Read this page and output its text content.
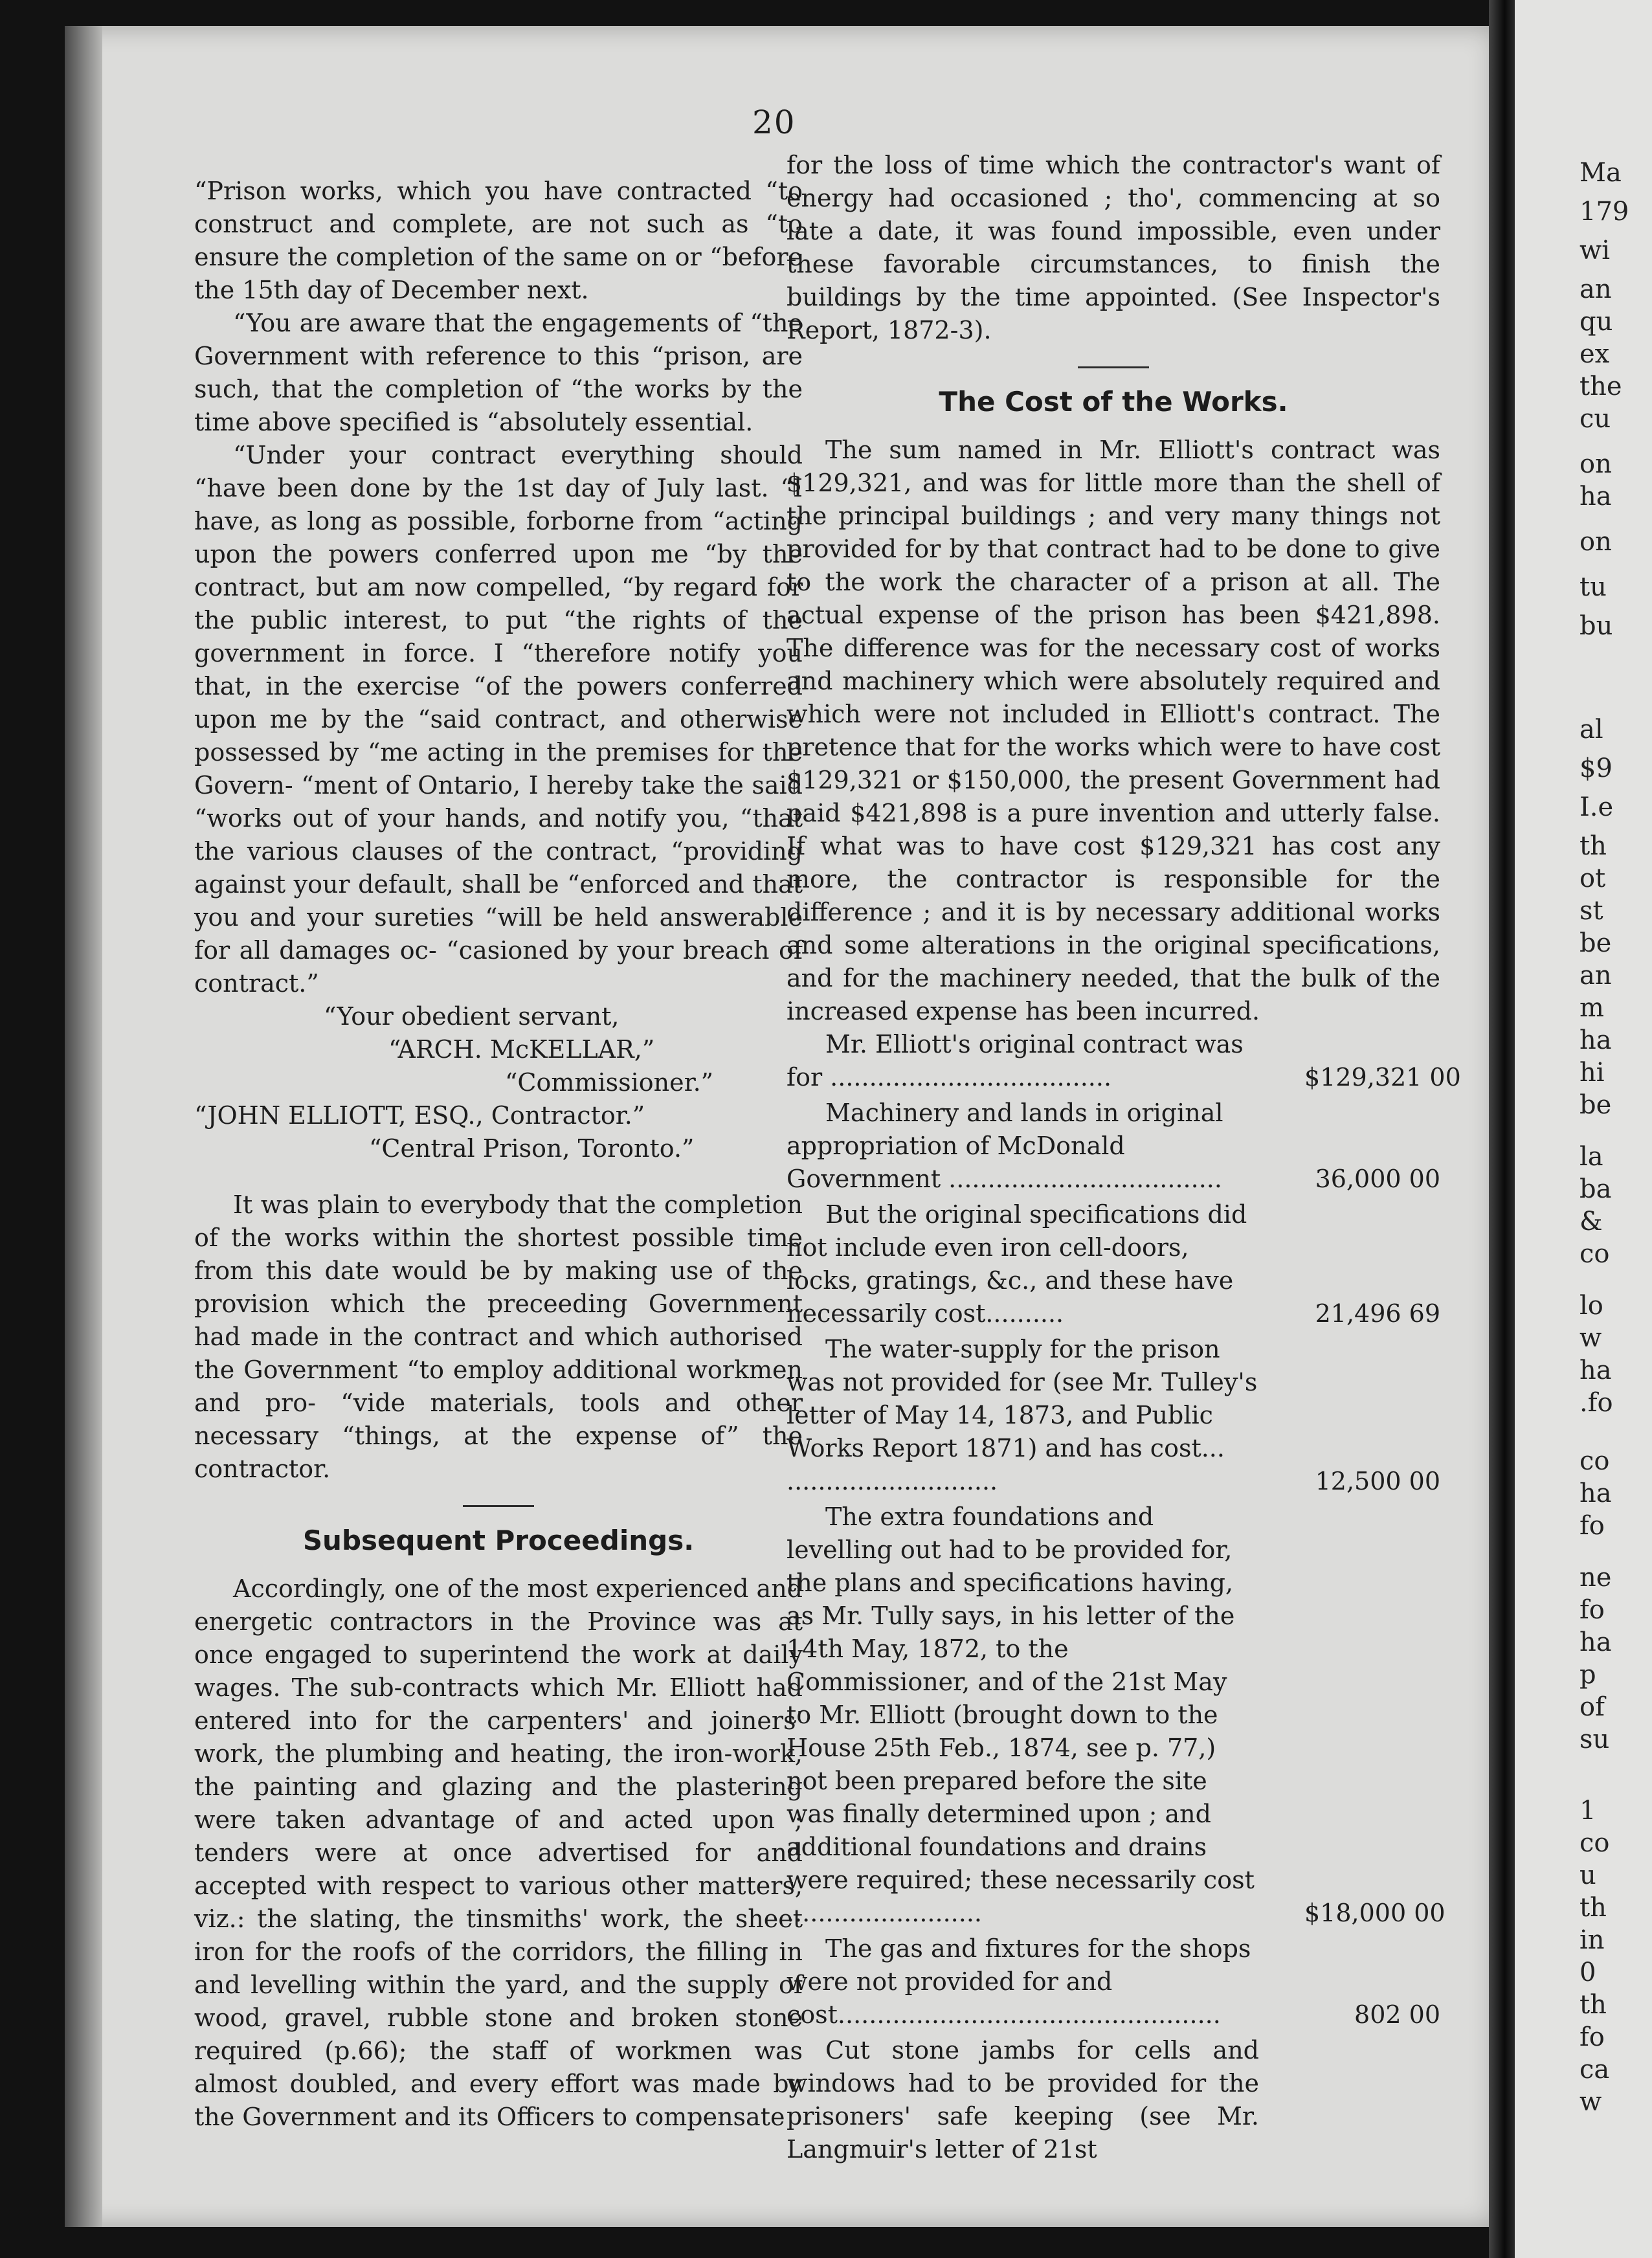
Ma
179
wi
an
qu
ex
the
cu
on
ha
on
tu
bu
al
$9
I.e
th
ot
st
be
an
m
ha
hi
be
la
ba
&
co
lo
w
ha
.fo
co
ha
fo
ne
fo
ha
p
of
su
1
co
u
th
in
0
th
fo
ca
w
20

“Prison works, which you have contracted “to construct and complete, are not such as “to ensure the completion of the same on or “before the 15th day of December next.

“You are aware that the engagements of “the Government with reference to this “prison, are such, that the completion of “the works by the time above specified is “absolutely essential.

“Under your contract everything should “have been done by the 1st day of July last. “I have, as long as possible, forborne from “acting upon the powers conferred upon me “by the contract, but am now compelled, “by regard for the public interest, to put “the rights of the government in force. I “therefore notify you that, in the exercise “of the powers conferred upon me by the “said contract, and otherwise possessed by “me acting in the premises for the Govern- “ment of Ontario, I hereby take the said “works out of your hands, and notify you, “that the various clauses of the contract, “providing against your default, shall be “enforced and that you and your sureties “will be held answerable for all damages oc- “casioned by your breach of contract.”

“Your obedient servant,

“ARCH. McKELLAR,”

“Commissioner.”

“JOHN ELLIOTT, ESQ., Contractor.”

“Central Prison, Toronto.”

It was plain to everybody that the completion of the works within the shortest possible time from this date would be by making use of the provision which the preceeding Government had made in the contract and which authorised the Government “to employ additional workmen and pro- “vide materials, tools and other necessary “things, at the expense of” the contractor.

Subsequent Proceedings.

Accordingly, one of the most experienced and energetic contractors in the Province was at once engaged to superintend the work at daily wages. The sub-contracts which Mr. Elliott had entered into for the carpenters' and joiners' work, the plumbing and heating, the iron-work, the painting and glazing and the plastering were taken advantage of and acted upon ; tenders were at once advertised for and accepted with respect to various other matters, viz.: the slating, the tinsmiths' work, the sheet iron for the roofs of the corridors, the filling in and levelling within the yard, and the supply of wood, gravel, rubble stone and broken stone required (p.66); the staff of workmen was almost doubled, and every effort was made by the Government and its Officers to compensate

for the loss of time which the contractor's want of energy had occasioned ; tho', commencing at so late a date, it was found impossible, even under these favorable circumstances, to finish the buildings by the time appointed. (See Inspector's Report, 1872-3).

The Cost of the Works.

The sum named in Mr. Elliott's contract was $129,321, and was for little more than the shell of the principal buildings ; and very many things not provided for by that contract had to be done to give to the work the character of a prison at all. The actual expense of the prison has been $421,898. The difference was for the necessary cost of works and machinery which were absolutely required and which were not included in Elliott's contract. The pretence that for the works which were to have cost $129,321 or $150,000, the present Government had paid $421,898 is a pure invention and utterly false. If what was to have cost $129,321 has cost any more, the contractor is responsible for the difference ; and it is by necessary additional works and some alterations in the original specifications, and for the machinery needed, that the bulk of the increased expense has been incurred.

Mr. Elliott's original contract was for ....................................	$129,321 00

Machinery and lands in original appropriation of McDonald Government ...................................	36,000 00

But the original specifications did not include even iron cell-doors, locks, gratings, &c., and these have necessarily cost..........	21,496 69

The water-supply for the prison was not provided for (see Mr. Tulley's letter of May 14, 1873, and Public Works Report 1871) and has cost... ...........................	12,500 00

The extra foundations and levelling out had to be provided for, the plans and specifications having, as Mr. Tully says, in his letter of the 14th May, 1872, to the Commissioner, and of the 21st May to Mr. Elliott (brought down to the House 25th Feb., 1874, see p. 77,) not been prepared before the site was finally determined upon ; and additional foundations and drains were required; these necessarily cost .........................	$18,000 00

The gas and fixtures for the shops were not provided for and cost.................................................	802 00

Cut stone jambs for cells and windows had to be provided for the prisoners' safe keeping (see Mr. Langmuir's letter of 21st
